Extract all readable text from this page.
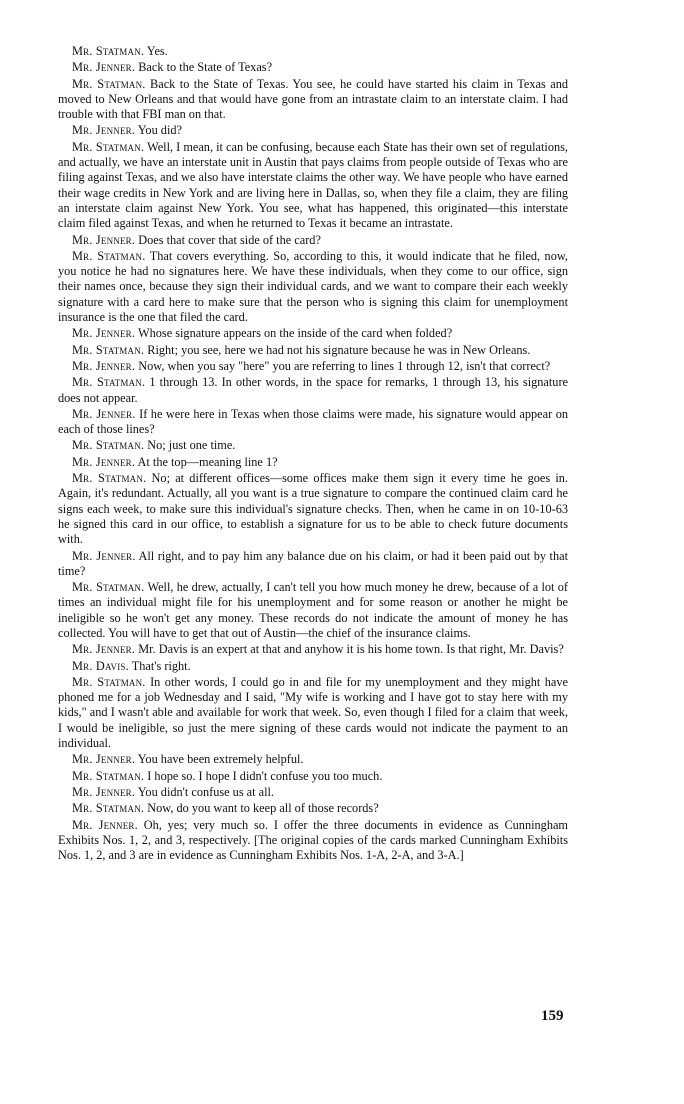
Mr. Statman. Yes.

Mr. Jenner. Back to the State of Texas?

Mr. Statman. Back to the State of Texas. You see, he could have started his claim in Texas and moved to New Orleans and that would have gone from an intrastate claim to an interstate claim. I had trouble with that FBI man on that.

Mr. Jenner. You did?

Mr. Statman. Well, I mean, it can be confusing, because each State has their own set of regulations, and actually, we have an interstate unit in Austin that pays claims from people outside of Texas who are filing against Texas, and we also have interstate claims the other way. We have people who have earned their wage credits in New York and are living here in Dallas, so, when they file a claim, they are filing an interstate claim against New York. You see, what has happened, this originated—this interstate claim filed against Texas, and when he returned to Texas it became an intrastate.

Mr. Jenner. Does that cover that side of the card?

Mr. Statman. That covers everything. So, according to this, it would indicate that he filed, now, you notice he had no signatures here. We have these individuals, when they come to our office, sign their names once, because they sign their individual cards, and we want to compare their each weekly signature with a card here to make sure that the person who is signing this claim for unemployment insurance is the one that filed the card.

Mr. Jenner. Whose signature appears on the inside of the card when folded?

Mr. Statman. Right; you see, here we had not his signature because he was in New Orleans.

Mr. Jenner. Now, when you say "here" you are referring to lines 1 through 12, isn't that correct?

Mr. Statman. 1 through 13. In other words, in the space for remarks, 1 through 13, his signature does not appear.

Mr. Jenner. If he were here in Texas when those claims were made, his signature would appear on each of those lines?

Mr. Statman. No; just one time.

Mr. Jenner. At the top—meaning line 1?

Mr. Statman. No; at different offices—some offices make them sign it every time he goes in. Again, it's redundant. Actually, all you want is a true signature to compare the continued claim card he signs each week, to make sure this individual's signature checks. Then, when he came in on 10-10-63 he signed this card in our office, to establish a signature for us to be able to check future documents with.

Mr. Jenner. All right, and to pay him any balance due on his claim, or had it been paid out by that time?

Mr. Statman. Well, he drew, actually, I can't tell you how much money he drew, because of a lot of times an individual might file for his unemployment and for some reason or another he might be ineligible so he won't get any money. These records do not indicate the amount of money he has collected. You will have to get that out of Austin—the chief of the insurance claims.

Mr. Jenner. Mr. Davis is an expert at that and anyhow it is his home town. Is that right, Mr. Davis?

Mr. Davis. That's right.

Mr. Statman. In other words, I could go in and file for my unemployment and they might have phoned me for a job Wednesday and I said, "My wife is working and I have got to stay here with my kids," and I wasn't able and available for work that week. So, even though I filed for a claim that week, I would be ineligible, so just the mere signing of these cards would not indicate the payment to an individual.

Mr. Jenner. You have been extremely helpful.

Mr. Statman. I hope so. I hope I didn't confuse you too much.

Mr. Jenner. You didn't confuse us at all.

Mr. Statman. Now, do you want to keep all of those records?

Mr. Jenner. Oh, yes; very much so. I offer the three documents in evidence as Cunningham Exhibits Nos. 1, 2, and 3, respectively. [The original copies of the cards marked Cunningham Exhibits Nos. 1, 2, and 3 are in evidence as Cunningham Exhibits Nos. 1-A, 2-A, and 3-A.]

159
